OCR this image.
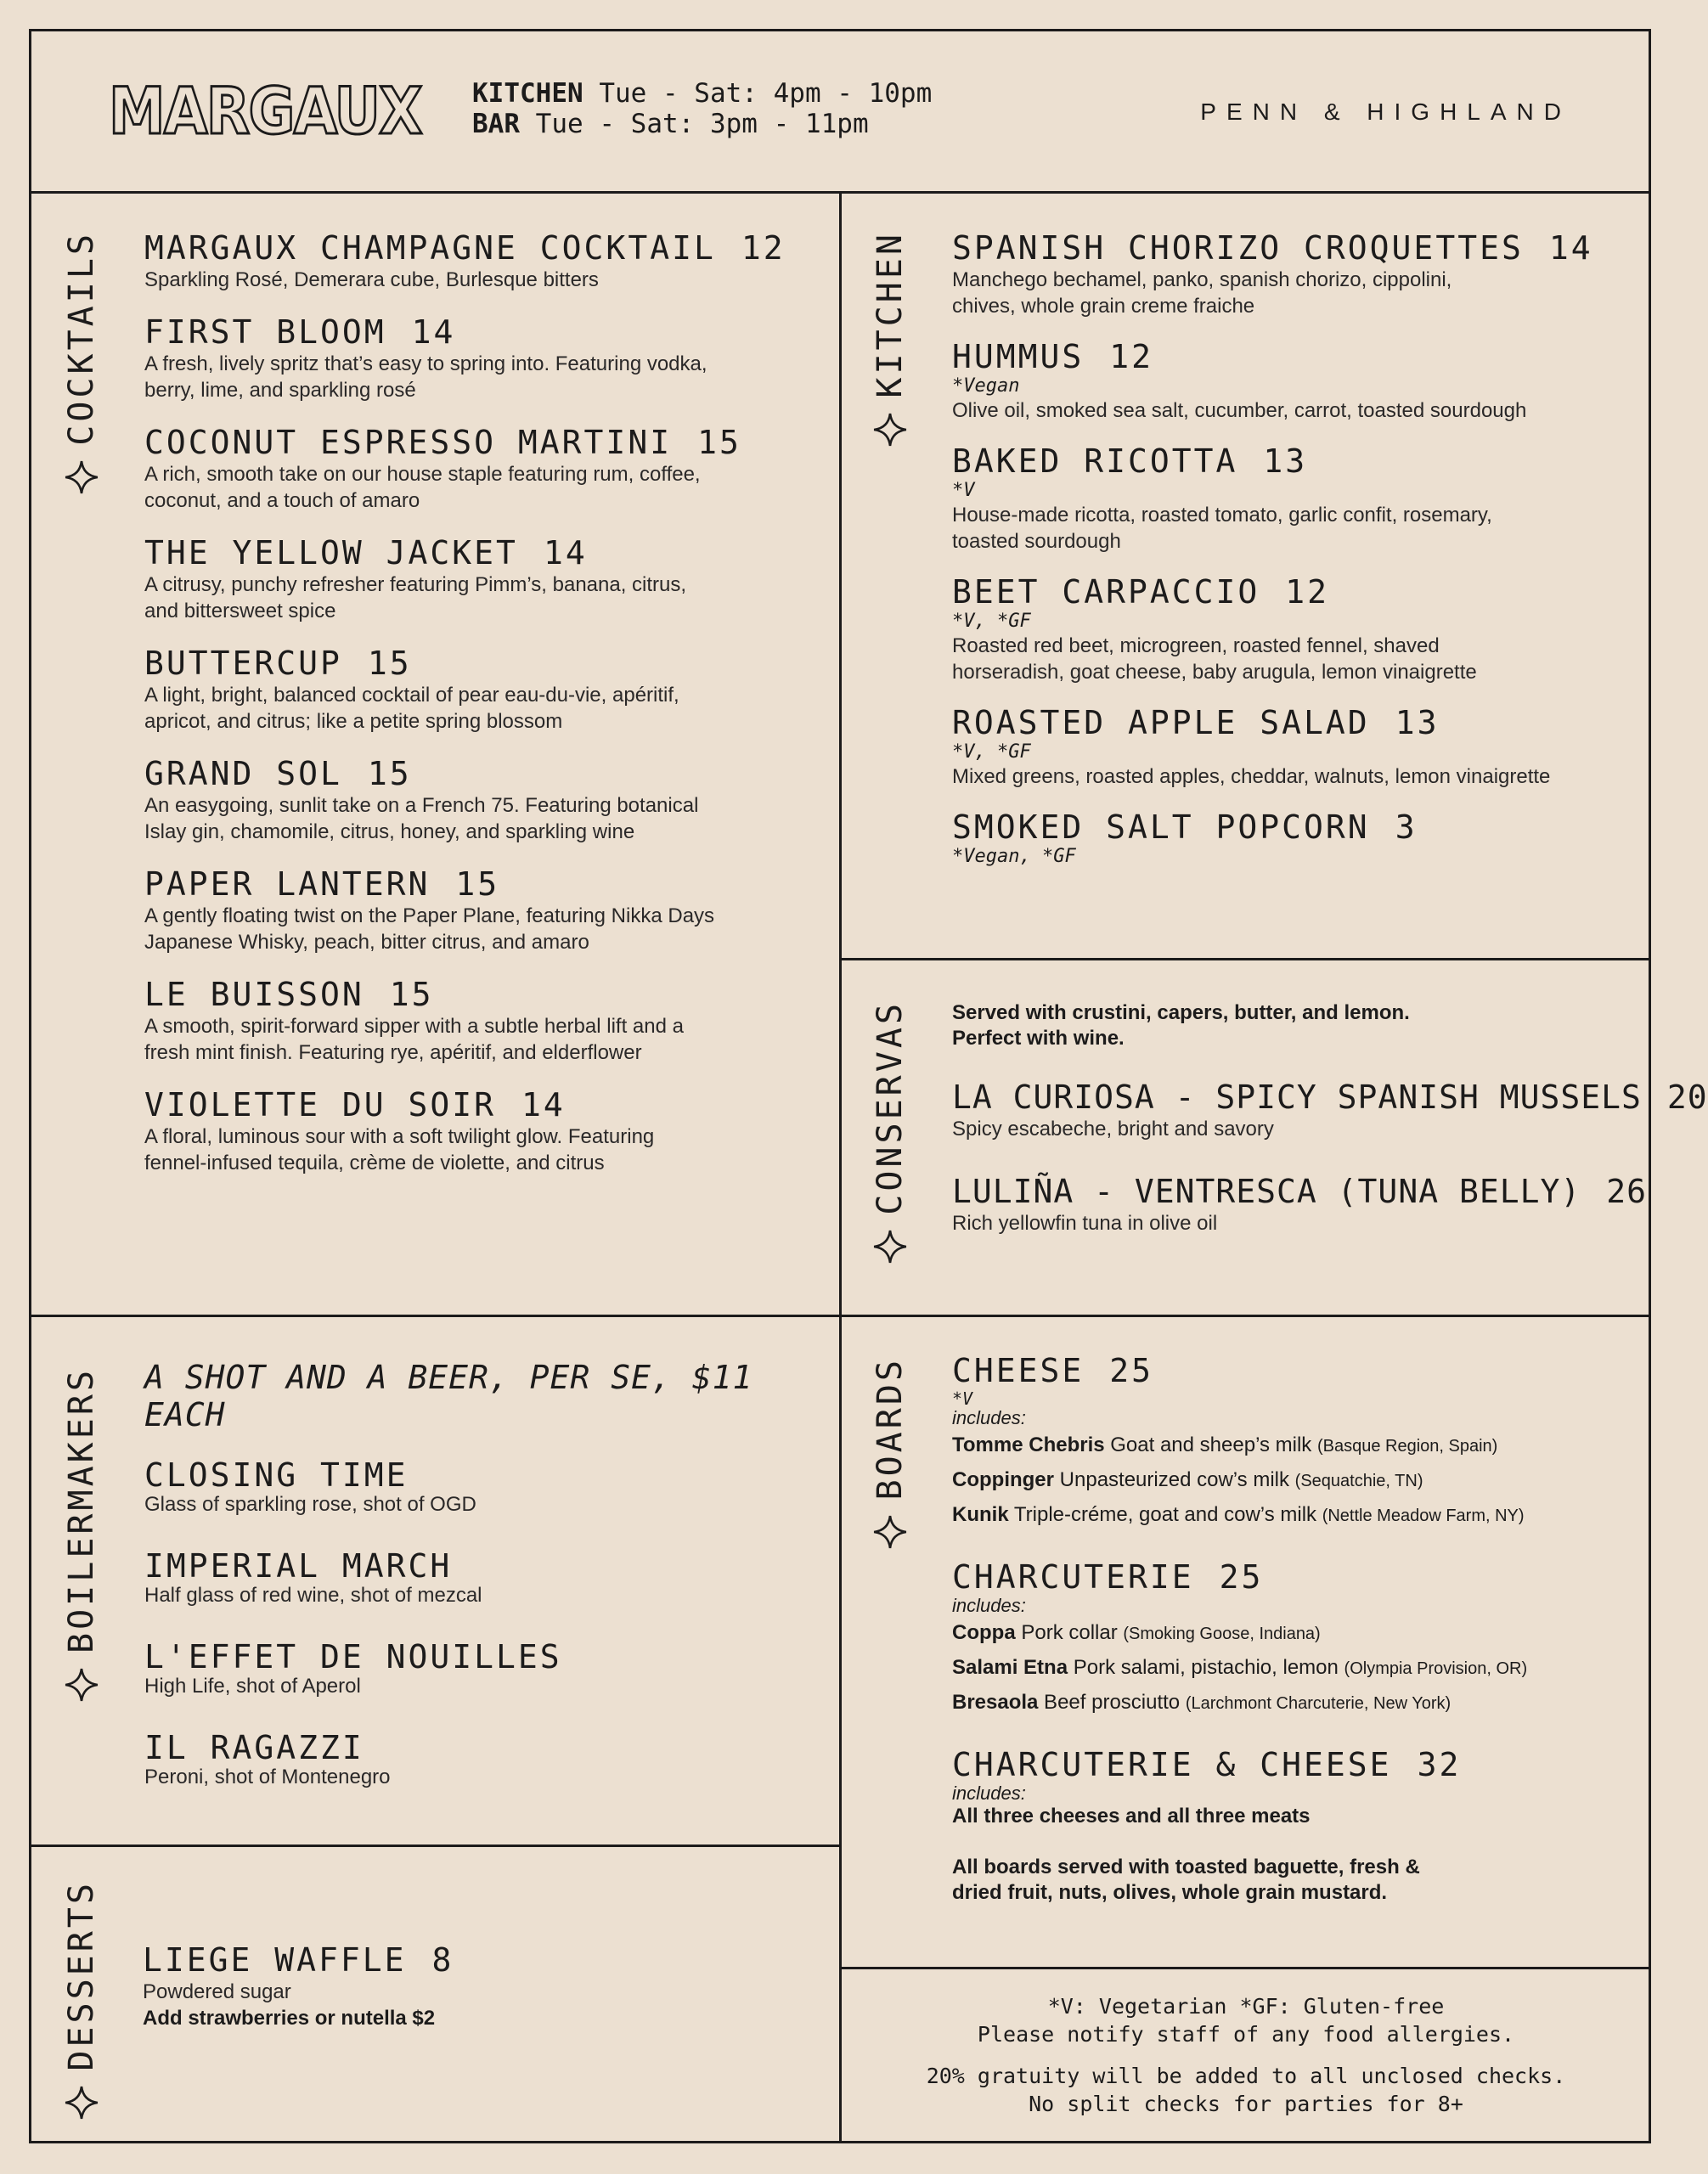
MARGAUX KITCHEN Tue - Sat: 4pm - 10pm
BAR Tue - Sat: 3pm - 11pm	PENN & HIGHLAND
COCKTAILS	KITCHEN
CONSERVAS
BOILERMAKERS
DESSERTS
BOARDS
MARGAUX CHAMPAGNE COCKTAIL 12
Sparkling Rosé, Demerara cube, Burlesque bitters
FIRST BLOOM 14
A fresh, lively spritz that’s easy to spring into. Featuring vodka,
berry, lime, and sparkling rosé
COCONUT ESPRESSO MARTINI 15
A rich, smooth take on our house staple featuring rum, coffee,
coconut, and a touch of amaro
THE YELLOW JACKET 14
A citrusy, punchy refresher featuring Pimm’s, banana, citrus,
and bittersweet spice
BUTTERCUP 15
A light, bright, balanced cocktail of pear eau-du-vie, apéritif,
apricot, and citrus; like a petite spring blossom
GRAND SOL 15
An easygoing, sunlit take on a French 75. Featuring botanical
Islay gin, chamomile, citrus, honey, and sparkling wine
PAPER LANTERN 15
A gently floating twist on the Paper Plane, featuring Nikka Days
Japanese Whisky, peach, bitter citrus, and amaro
LE BUISSON 15
A smooth, spirit-forward sipper with a subtle herbal lift and a
fresh mint finish. Featuring rye, apéritif, and elderflower
VIOLETTE DU SOIR 14
A floral, luminous sour with a soft twilight glow. Featuring
fennel-infused tequila, crème de violette, and citrus
SPANISH CHORIZO CROQUETTES 14
Manchego bechamel, panko, spanish chorizo, cippolini,
chives, whole grain creme fraiche
HUMMUS 12
*Vegan
Olive oil, smoked sea salt, cucumber, carrot, toasted sourdough
BAKED RICOTTA 13
*V
House-made ricotta, roasted tomato, garlic confit, rosemary,
toasted sourdough
BEET CARPACCIO 12
*V, *GF
Roasted red beet, microgreen, roasted fennel, shaved
horseradish, goat cheese, baby arugula, lemon vinaigrette
ROASTED APPLE SALAD 13
*V, *GF
Mixed greens, roasted apples, cheddar, walnuts, lemon vinaigrette
SMOKED SALT POPCORN 3
*Vegan, *GF
Served with crustini, capers, butter, and lemon.
Perfect with wine.
LA CURIOSA - SPICY SPANISH MUSSELS 20
Spicy escabeche, bright and savory
LULIÑA - VENTRESCA (TUNA BELLY) 26
Rich yellowfin tuna in olive oil
A SHOT AND A BEER, PER SE, $11 EACH
CLOSING TIME
Glass of sparkling rose, shot of OGD
IMPERIAL MARCH
Half glass of red wine, shot of mezcal
L'EFFET DE NOUILLES
High Life, shot of Aperol
IL RAGAZZI
Peroni, shot of Montenegro
LIEGE WAFFLE 8
Powdered sugar
Add strawberries or nutella $2
CHEESE 25
*V
includes:
Tomme Chebris Goat and sheep’s milk (Basque Region, Spain)
Coppinger Unpasteurized cow’s milk (Sequatchie, TN)
Kunik Triple-créme, goat and cow’s milk (Nettle Meadow Farm, NY)
CHARCUTERIE 25
includes:
Coppa Pork collar (Smoking Goose, Indiana)
Salami Etna Pork salami, pistachio, lemon (Olympia Provision, OR)
Bresaola Beef prosciutto (Larchmont Charcuterie, New York)
CHARCUTERIE & CHEESE 32
includes:
All three cheeses and all three meats
All boards served with toasted baguette, fresh &
dried fruit, nuts, olives, whole grain mustard.
*V: Vegetarian *GF: Gluten-free
Please notify staff of any food allergies.
20% gratuity will be added to all unclosed checks.
No split checks for parties for 8+
